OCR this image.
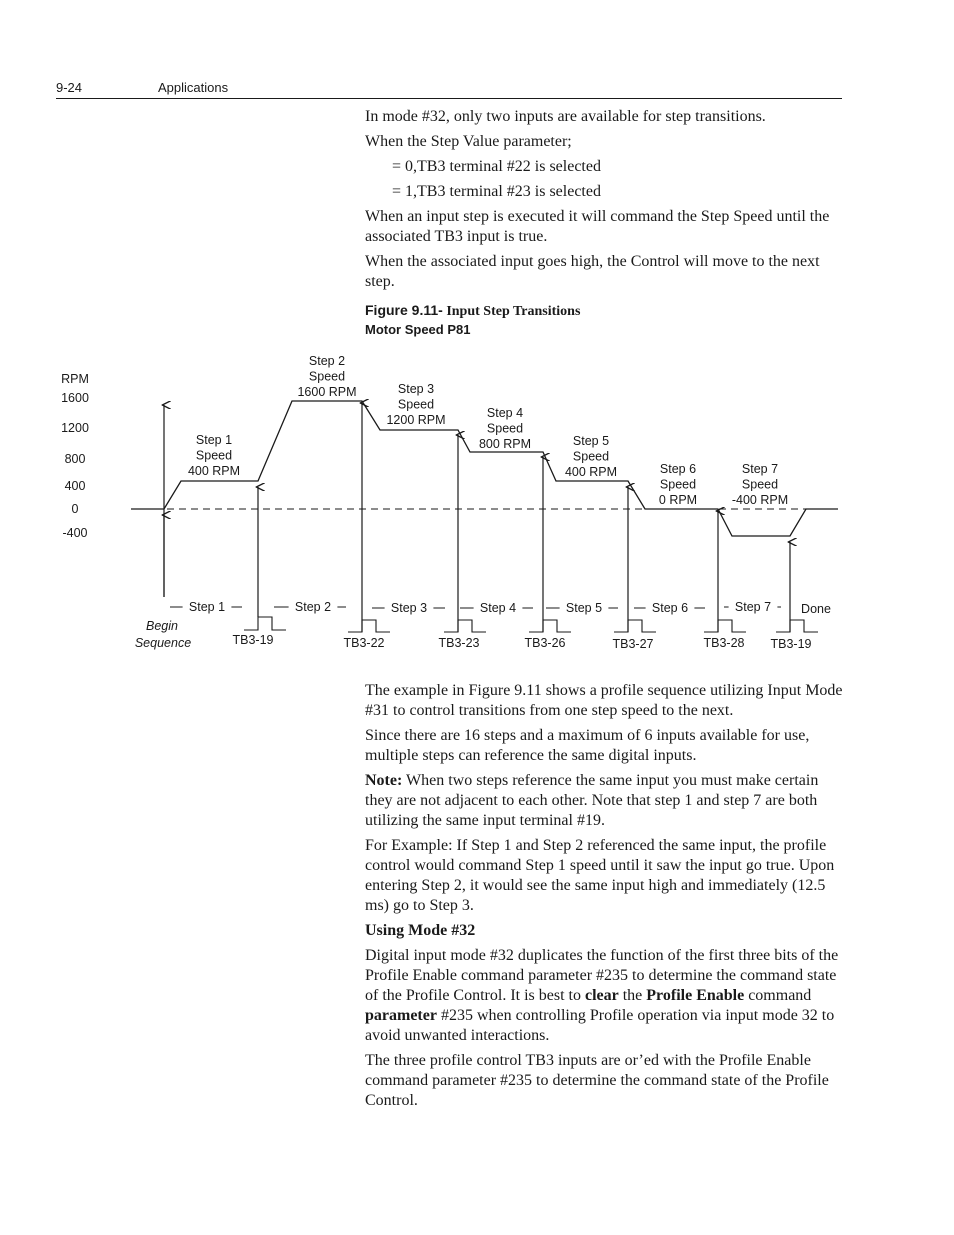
9-24	Applications

In mode #32, only two inputs are available for step transitions.

When the Step Value parameter;

= 0,TB3 terminal #22 is selected

= 1,TB3 terminal #23 is selected

When an input step is executed it will command the Step Speed until the associated TB3 input is true.

When the associated input goes high, the Control will move to the next step.

Figure 9.11- Input Step Transitions
Motor Speed P81
RPM
1600
1200
800
400
0
-400
Step 1
Speed
400 RPM
Step 2
Speed
1600 RPM	Step 3
Speed
1200 RPM	Step 4
Speed
800 RPM	Step 5
Speed
400 RPM	Step 6
Speed
0 RPM
Step 7
Speed
-400 RPM
Step 1	Step 2	Step 3	Step 4	Step 5	Step 6	Step 7 Done
Begin
Sequence	TB3-19	TB3-22	TB3-23	TB3-26	TB3-27	TB3-28 TB3-19

The example in Figure 9.11 shows a profile sequence utilizing Input Mode #31 to control transitions from one step speed to the next.

Since there are 16 steps and a maximum of 6 inputs available for use, multiple steps can reference the same digital inputs.

Note: When two steps reference the same input you must make certain they are not adjacent to each other. Note that step 1 and step 7 are both utilizing the same input terminal #19.

For Example: If Step 1 and Step 2 referenced the same input, the profile control would command Step 1 speed until it saw the input go true. Upon entering Step 2, it would see the same input high and immediately (12.5 ms) go to Step 3.

Using Mode #32

Digital input mode #32 duplicates the function of the first three bits of the Profile Enable command parameter #235 to determine the command state of the Profile Control. It is best to clear the Profile Enable command parameter #235 when controlling Profile operation via input mode 32 to avoid unwanted interactions.

The three profile control TB3 inputs are or’ed with the Profile Enable command parameter #235 to determine the command state of the Profile Control.
